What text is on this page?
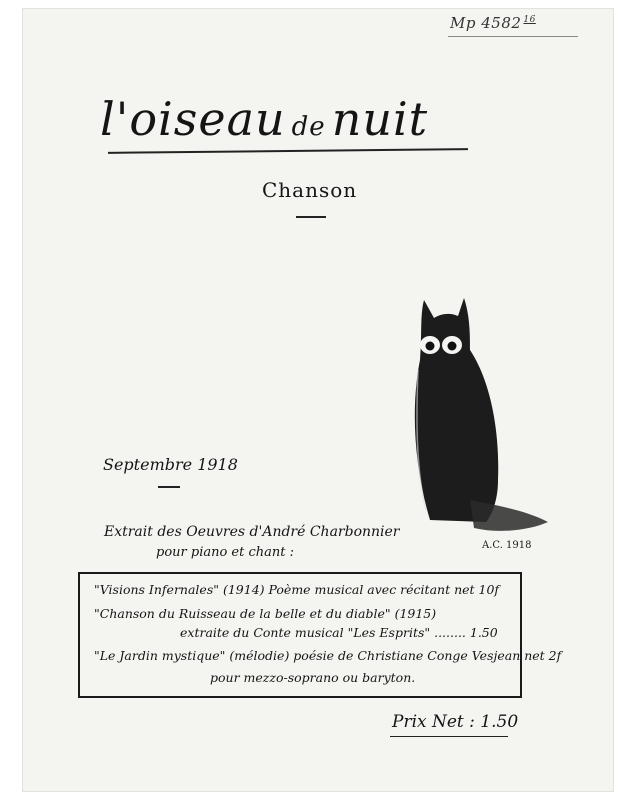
Mp 4582 $^{16}$
l'oiseau de nuit
Chanson
A.C. 1918
Septembre 1918
Extrait des Oeuvres d'André Charbonnier
pour piano et chant :
"Visions Infernales" (1914) Poème musical avec récitant net 10f
"Chanson du Ruisseau de la belle et du diable" (1915)
extraite du Conte musical "Les Esprits" ........ 1.50
"Le Jardin mystique" (mélodie) poésie de Christiane Conge Vesjean net 2f
pour mezzo-soprano ou baryton.
Prix Net : 1.50
